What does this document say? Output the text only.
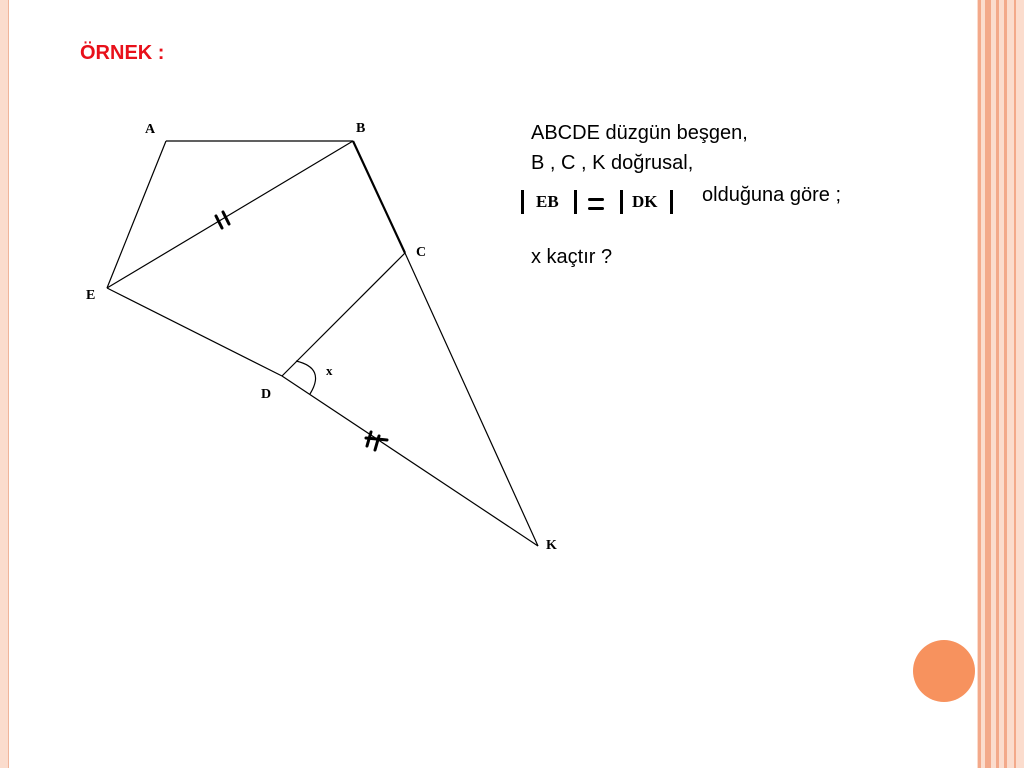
ÖRNEK :
ABCDE düzgün beşgen,
B , C , K doğrusal,
EB	DK olduğuna göre ;
x kaçtır ?
A	B
C
E
D
K
x
